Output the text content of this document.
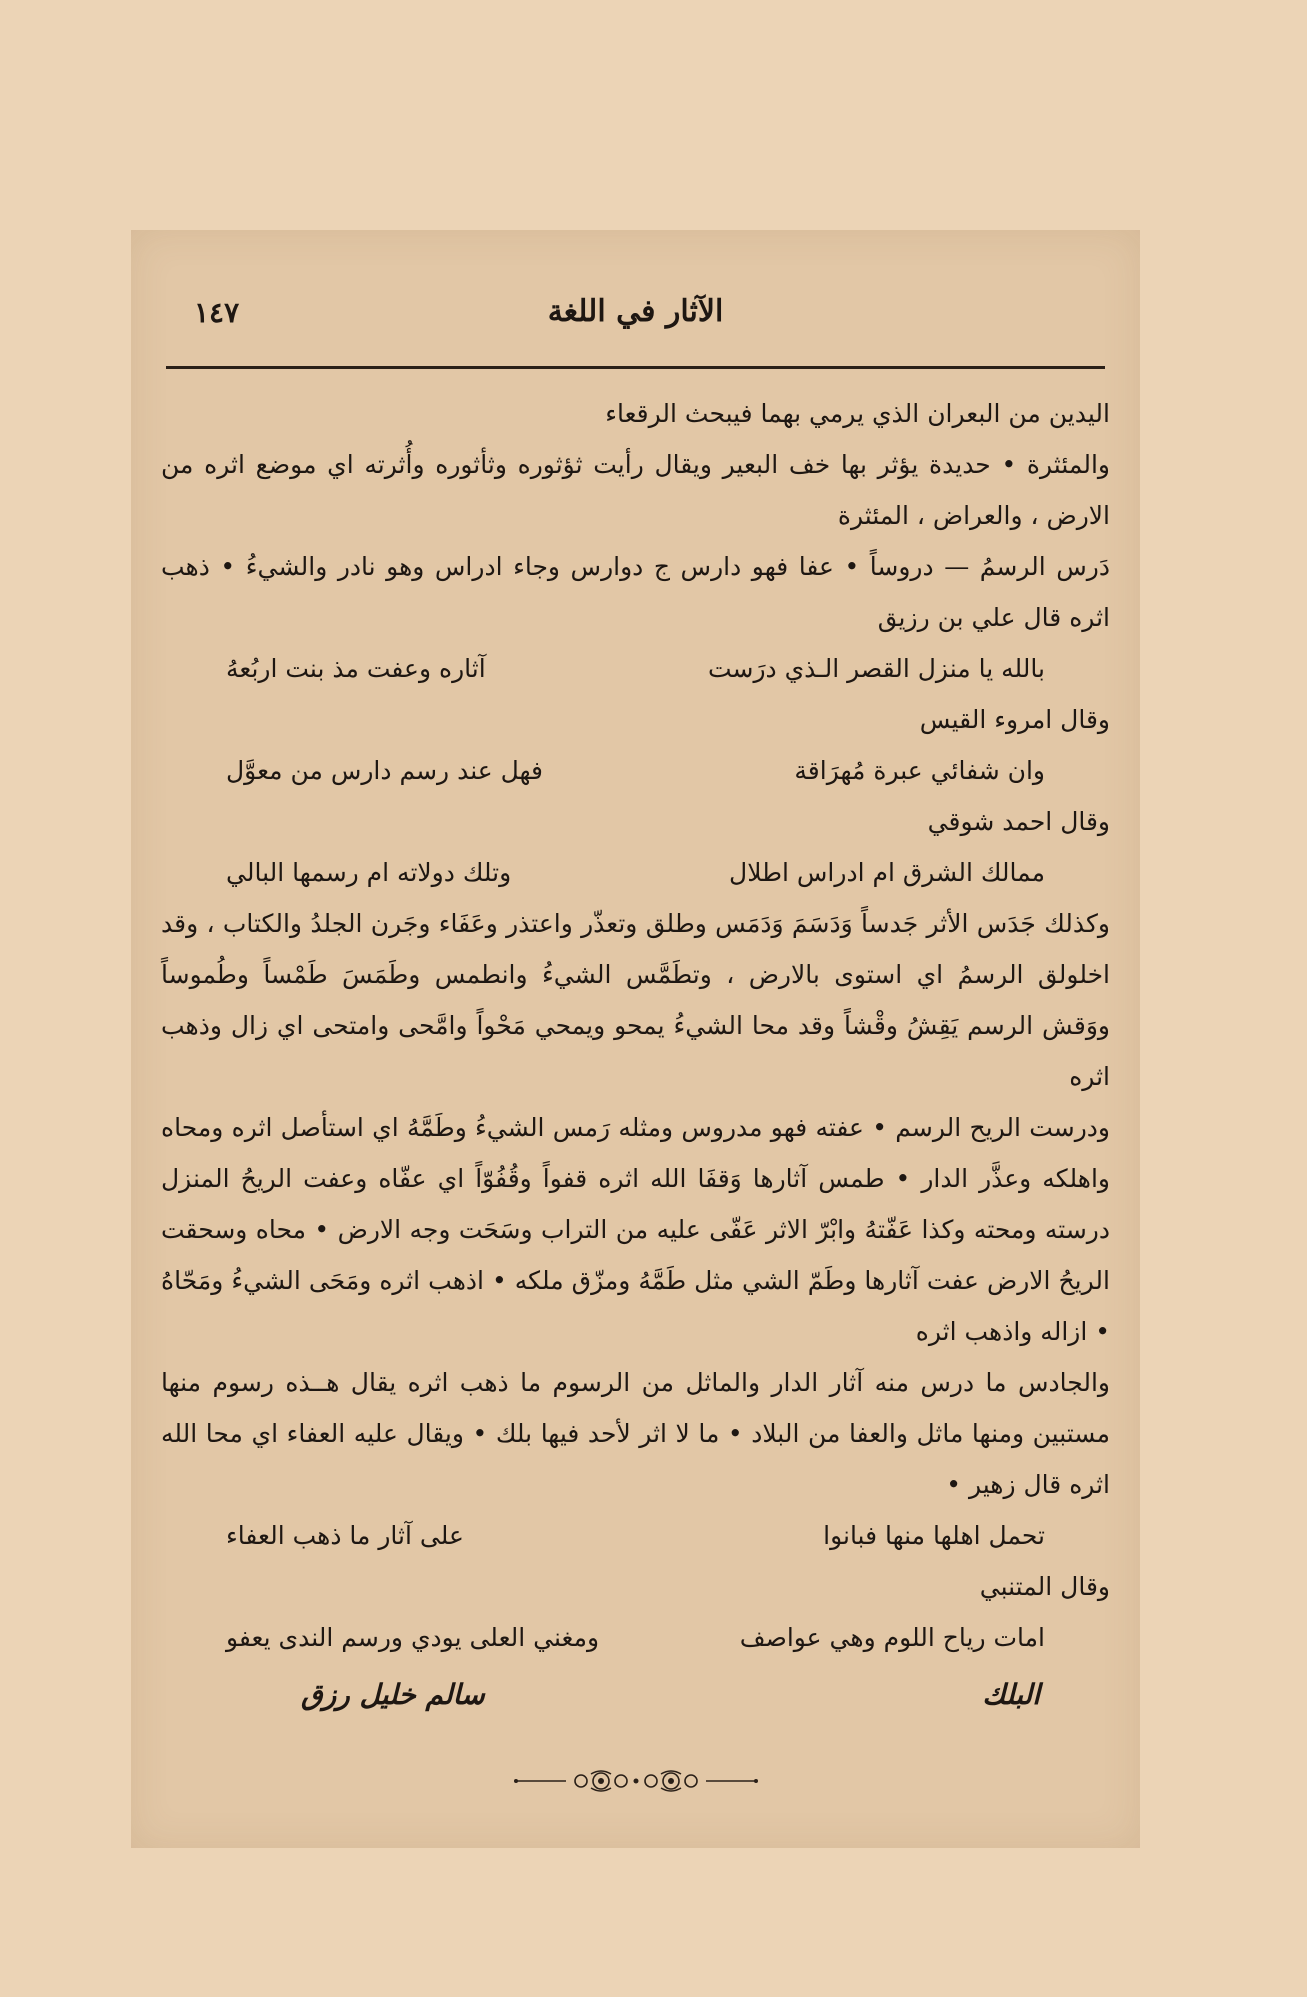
الآثار في اللغة
١٤٧

اليدين من البعران الذي يرمي بهما فيبحث الرقعاء

والمئثرة • حديدة يؤثر بها خف البعير ويقال رأيت ثؤثوره وثأثوره وأُثرته اي موضع اثره من الارض ، والعراض ، المئثرة

دَرس الرسمُ — دروساً • عفا فهو دارس ج دوارس وجاء ادراس وهو نادر والشيءُ • ذهب اثره قال علي بن رزيق

بالله يا منزل القصر الـذي درَست
آثاره وعفت مذ بنت اربُعهُ

وقال امروء القيس

وان شفائي عبرة مُهرَاقة
فهل عند رسم دارس من معوَّل

وقال احمد شوقي

ممالك الشرق ام ادراس اطلال
وتلك دولاته ام رسمها البالي

وكذلك جَدَس الأثر جَدساً وَدَسَمَ وَدَمَس وطلق وتعذّر واعتذر وعَفَاء وجَرن الجلدُ والكتاب ، وقد اخلولق الرسمُ اي استوى بالارض ، وتطَمَّس الشيءُ وانطمس وطَمَسَ طَمْساً وطُموساً ووَقش الرسم يَقِشُ وقْشاً وقد محا الشيءُ يمحو ويمحي مَحْواً وامَّحى وامتحى اي زال وذهب اثره

ودرست الريح الرسم • عفته فهو مدروس ومثله رَمس الشيءُ وطَمَّهُ اي استأصل اثره ومحاه واهلكه وعذَّر الدار • طمس آثارها وَقفَا الله اثره قفواً وقُفُوّاً اي عفّاه وعفت الريحُ المنزل درسته ومحته وكذا عَفّتهُ وابْرّ الاثر عَفّى عليه من التراب وسَحَت وجه الارض • محاه وسحقت الريحُ الارض عفت آثارها وطَمّ الشي مثل طَمَّهُ ومزّق ملكه • اذهب اثره ومَحَى الشيءُ ومَحّاهُ • ازاله واذهب اثره

والجادس ما درس منه آثار الدار والماثل من الرسوم ما ذهب اثره يقال هــذه رسوم منها مستبين ومنها ماثل والعفا من البلاد • ما لا اثر لأحد فيها بلك • ويقال عليه العفاء اي محا الله اثره قال زهير •

تحمل اهلها منها فبانوا
على آثار ما ذهب العفاء

وقال المتنبي

امات رياح اللوم وهي عواصف
ومغني العلى يودي ورسم الندى يعفو
البلك
سالم خليل رزق
